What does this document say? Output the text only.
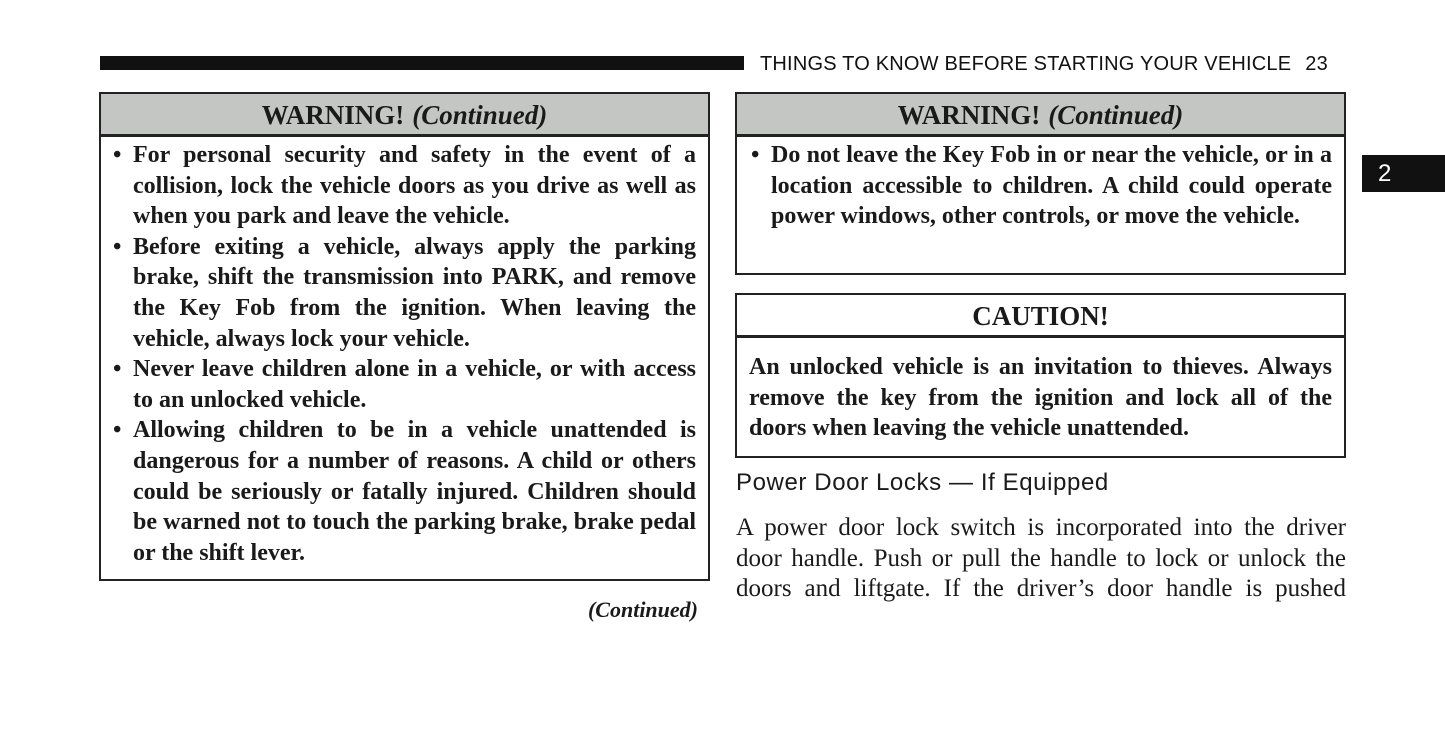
THINGS TO KNOW BEFORE STARTING YOUR VEHICLE 23
2
WARNING! (Continued)
• For personal security and safety in the event of a collision, lock the vehicle doors as you drive as well as when you park and leave the vehicle.
• Before exiting a vehicle, always apply the parking brake, shift the transmission into PARK, and remove the Key Fob from the ignition. When leaving the vehicle, always lock your vehicle.
• Never leave children alone in a vehicle, or with access to an unlocked vehicle.
• Allowing children to be in a vehicle unattended is dangerous for a number of reasons. A child or others could be seriously or fatally injured. Children should be warned not to touch the parking brake, brake pedal or the shift lever.
(Continued)
WARNING! (Continued)
• Do not leave the Key Fob in or near the vehicle, or in a location accessible to children. A child could operate power windows, other controls, or move the vehicle.
CAUTION!
An unlocked vehicle is an invitation to thieves. Always remove the key from the ignition and lock all of the doors when leaving the vehicle unattended.
Power Door Locks — If Equipped
A power door lock switch is incorporated into the driver door handle. Push or pull the handle to lock or unlock the doors and liftgate. If the driver’s door handle is pushed
